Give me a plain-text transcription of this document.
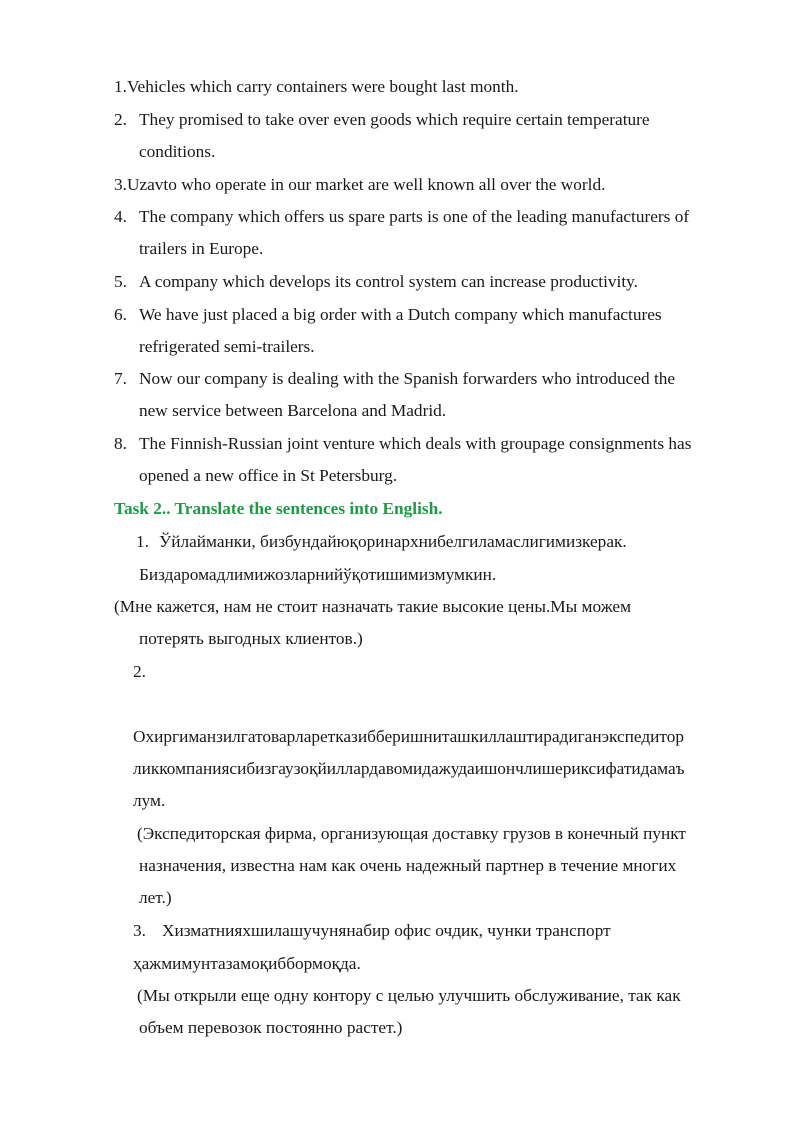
1.Vehicles which carry containers were bought last month.
2. They promised to take over even goods which require certain temperature
conditions.
3.Uzavto who operate in our market are well known all over the world.
4. The company which offers us spare parts is one of the leading manufacturers of
trailers in Europe.
5. A company which develops its control system can increase productivity.
6. We have just placed a big order with a Dutch company which manufactures
refrigerated semi-trailers.
7. Now our company is dealing with the Spanish forwarders who introduced the
new service between Barcelona and Madrid.
8. The Finnish-Russian joint venture which deals with groupage consignments has
opened a new office in St Petersburg.
Task 2.. Translate the sentences into English.
1. Ўйлайманки, бизбундайюқоринархнибелгиламаслигимизкерак.
Биздаромадлимижозларнийўқотишимизмумкин.
(Мне кажется, нам не стоит назначать такие высокие цены.Мы можем
потерять выгодных клиентов.)
2.
Охиргиманзилгатоварларетказибберишниташкиллаштирадиганэкспедитор
ликкомпаниясибизгаузоқйиллардавомидажудаишончлишериксифатидамаъ
лум.
(Экспедиторская фирма, организующая доставку грузов в конечный пункт
назначения, известна нам как очень надежный партнер в течение многих
лет.)
3. Хизматнияхшилашучунянабир офис очдик, чунки транспорт
ҳажмимунтазамоқиббормоқда.
(Мы открыли еще одну контору с целью улучшить обслуживание, так как
объем перевозок постоянно растет.)
